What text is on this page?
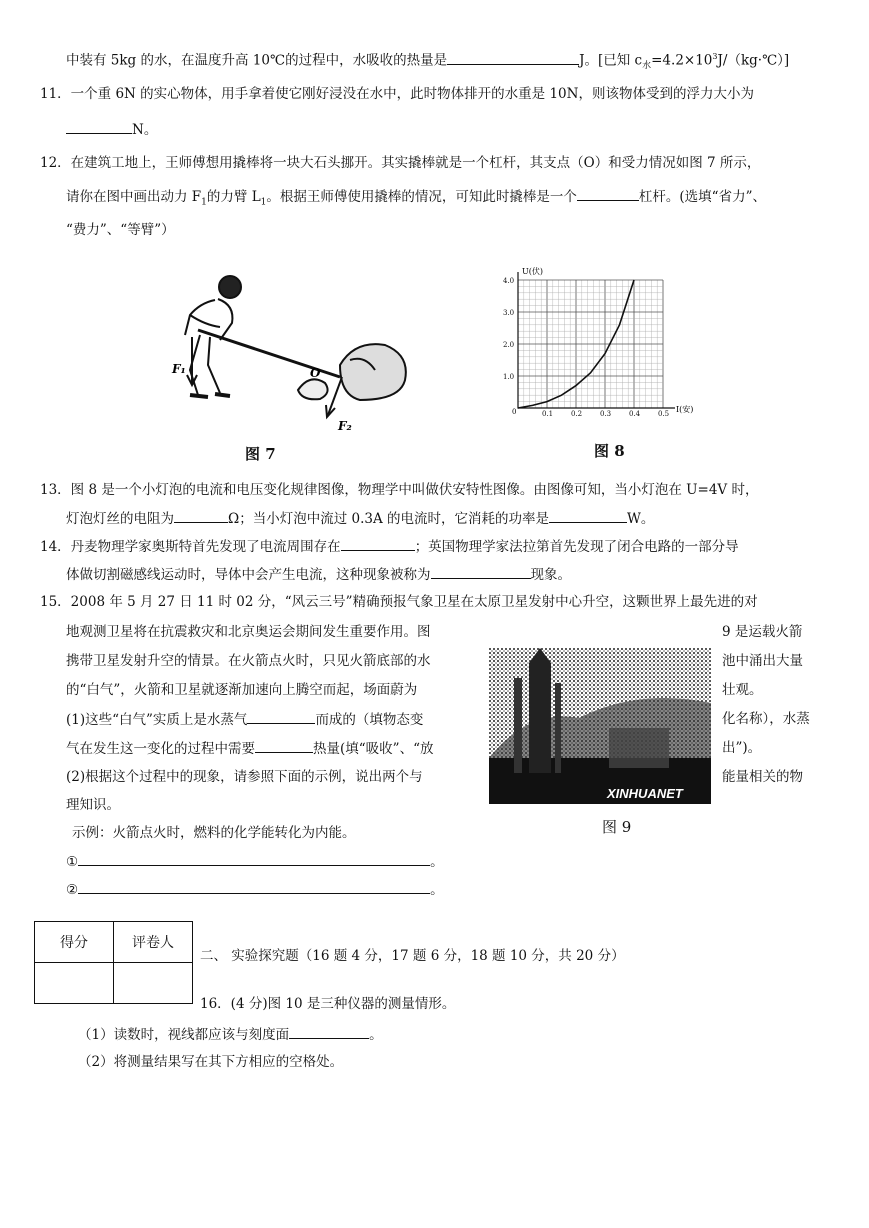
中装有 5kg 的水，在温度升高 10℃的过程中，水吸收的热量是	J。[已知 $c_水=4.2\times 10^3J/(kg\cdot℃)$]
11．一个重 6N 的实心物体，用手拿着使它刚好浸没在水中，此时物体排开的水重是 10N，则该物体受到的浮力大小为
N。
12．在建筑工地上，王师傅想用撬棒将一块大石头挪开。其实撬棒就是一个杠杆，其支点（O）和受力情况如图 7 所示，
请你在图中画出动力 $F_1$的力臂 $L_1$。根据王师傅使用撬棒的情况，可知此时撬棒是一个	杠杆。(选填“省力”、
“费力”、“等臂”）
F₁
F₂
O
图 7
0.1	0.2	0.3	0.4	0.5
1.0
2.0
3.0
4.0
U(伏)
I(安)
0
图 8
13．图 8 是一个小灯泡的电流和电压变化规律图像，物理学中叫做伏安特性图像。由图像可知，当小灯泡在 U=4V 时，
灯泡灯丝的电阻为	Ω；当小灯泡中流过 0.3A 的电流时，它消耗的功率是	W。
14．丹麦物理学家奥斯特首先发现了电流周围存在	；英国物理学家法拉第首先发现了闭合电路的一部分导
体做切割磁感线运动时，导体中会产生电流，这种现象被称为	现象。
15．2008 年 5 月 27 日 11 时 02 分，“风云三号”精确预报气象卫星在太原卫星发射中心升空，这颗世界上最先进的对
地观测卫星将在抗震救灾和北京奥运会期间发生重要作用。图	9 是运载火箭
携带卫星发射升空的情景。在火箭点火时，只见火箭底部的水	池中涌出大量
的“白气”，火箭和卫星就逐渐加速向上腾空而起，场面蔚为	壮观。
(1)这些“白气”实质上是水蒸气	而成的（填物态变	化名称），水蒸
气在发生这一变化的过程中需要	热量(填“吸收”、“放	出”)。
(2)根据这个过程中的现象，请参照下面的示例，说出两个与	能量相关的物
理知识。
示例：火箭点火时，燃料的化学能转化为内能。
①	。
②	。
XINHUANET
图 9
得分	评卷人

二、 实验探究题（16 题 4 分，17 题 6 分，18 题 10 分，共 20 分）
16．(4 分)图 10 是三种仪器的测量情形。
（1）读数时，视线都应该与刻度面	。
（2）将测量结果写在其下方相应的空格处。
